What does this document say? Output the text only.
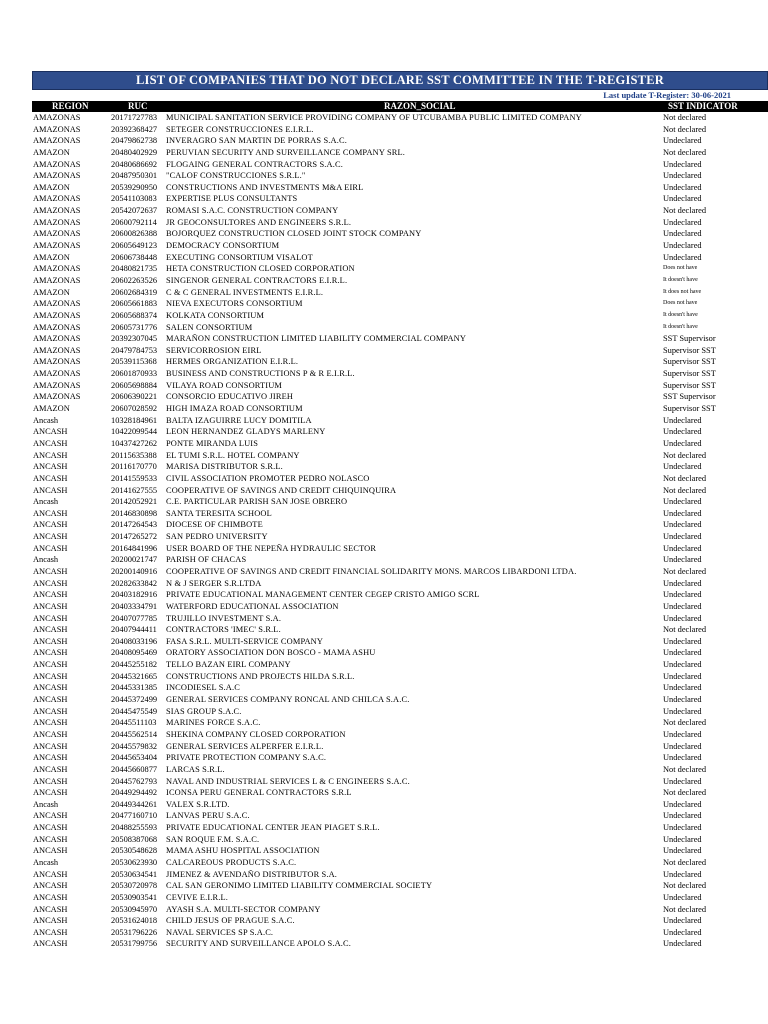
LIST OF COMPANIES THAT DO NOT DECLARE SST COMMITTEE IN THE T-REGISTER
Last update T-Register: 30-06-2021
REGION	RUC	RAZON_SOCIAL	SST INDICATOR
AMAZONAS	20171727783 MUNICIPAL SANITATION SERVICE PROVIDING COMPANY OF UTCUBAMBA PUBLIC LIMITED COMPANY	Not declared
AMAZONAS	20392368427 SETEGER CONSTRUCCIONES E.I.R.L.	Not declared
AMAZONAS	20479862738 INVERAGRO SAN MARTIN DE PORRAS S.A.C.	Undeclared
AMAZON	20480402929 PERUVIAN SECURITY AND SURVEILLANCE COMPANY SRL.	Not declared
AMAZONAS	20480686692 FLOGAING GENERAL CONTRACTORS S.A.C.	Undeclared
AMAZONAS	20487950301 "CALOF CONSTRUCCIONES S.R.L."	Undeclared
AMAZON	20539290950 CONSTRUCTIONS AND INVESTMENTS M&A EIRL	Undeclared
AMAZONAS	20541103083 EXPERTISE PLUS CONSULTANTS	Undeclared
AMAZONAS	20542072637 ROMASI S.A.C. CONSTRUCTION COMPANY	Not declared
AMAZONAS	20600792114 JR GEOCONSULTORES AND ENGINEERS S.R.L.	Undeclared
AMAZONAS	20600826388 BOJORQUEZ CONSTRUCTION CLOSED JOINT STOCK COMPANY	Undeclared
AMAZONAS	20605649123 DEMOCRACY CONSORTIUM	Undeclared
AMAZON	20606738448 EXECUTING CONSORTIUM VISALOT	Undeclared
AMAZONAS	20480821735 HETA CONSTRUCTION CLOSED CORPORATION	Does not have
AMAZONAS	20602263526 SINGENOR GENERAL CONTRACTORS E.I.R.L.	It doesn't have
AMAZON	20602684319 C & C GENERAL INVESTMENTS E.I.R.L.	It does not have
AMAZONAS	20605661883 NIEVA EXECUTORS CONSORTIUM	Does not have
AMAZONAS	20605688374 KOLKATA CONSORTIUM	It doesn't have
AMAZONAS	20605731776 SALEN CONSORTIUM	It doesn't have
AMAZONAS	20392307045 MARAÑON CONSTRUCTION LIMITED LIABILITY COMMERCIAL COMPANY	SST Supervisor
AMAZONAS	20479784753 SERVICORROSION EIRL	Supervisor SST
AMAZONAS	20539115368 HERMES ORGANIZATION E.I.R.L.	Supervisor SST
AMAZONAS	20601870933 BUSINESS AND CONSTRUCTIONS P & R E.I.R.L.	Supervisor SST
AMAZONAS	20605698884 VILAYA ROAD CONSORTIUM	Supervisor SST
AMAZONAS	20606390221 CONSORCIO EDUCATIVO JIREH	SST Supervisor
AMAZON	20607028592 HIGH IMAZA ROAD CONSORTIUM	Supervisor SST
Ancash	10328184961 BALTA IZAGUIRRE LUCY DOMITILA	Undeclared
ANCASH	10422099544 LEON HERNANDEZ GLADYS MARLENY	Undeclared
ANCASH	10437427262 PONTE MIRANDA LUIS	Undeclared
ANCASH	20115635388 EL TUMI S.R.L. HOTEL COMPANY	Not declared
ANCASH	20116170770 MARISA DISTRIBUTOR S.R.L.	Undeclared
ANCASH	20141559533 CIVIL ASSOCIATION PROMOTER PEDRO NOLASCO	Not declared
ANCASH	20141627555 COOPERATIVE OF SAVINGS AND CREDIT CHIQUINQUIRA	Not declared
Ancash	20142052921 C.E. PARTICULAR PARISH SAN JOSE OBRERO	Undeclared
ANCASH	20146830898 SANTA TERESITA SCHOOL	Undeclared
ANCASH	20147264543 DIOCESE OF CHIMBOTE	Undeclared
ANCASH	20147265272 SAN PEDRO UNIVERSITY	Undeclared
ANCASH	20164841996 USER BOARD OF THE NEPEÑA HYDRAULIC SECTOR	Undeclared
Ancash	20200021747 PARISH OF CHACAS	Undeclared
ANCASH	20200140916 COOPERATIVE OF SAVINGS AND CREDIT FINANCIAL SOLIDARITY MONS. MARCOS LIBARDONI LTDA.	Not declared
ANCASH	20282633842 N & J SERGER S.R.LTDA	Undeclared
ANCASH	20403182916 PRIVATE EDUCATIONAL MANAGEMENT CENTER CEGEP CRISTO AMIGO SCRL	Undeclared
ANCASH	20403334791 WATERFORD EDUCATIONAL ASSOCIATION	Undeclared
ANCASH	20407077785 TRUJILLO INVESTMENT S.A.	Undeclared
ANCASH	20407944411 CONTRACTORS 'IMEC' S.R.L.	Not declared
ANCASH	20408033196 FASA S.R.L. MULTI-SERVICE COMPANY	Undeclared
ANCASH	20408095469 ORATORY ASSOCIATION DON BOSCO - MAMA ASHU	Undeclared
ANCASH	20445255182 TELLO BAZAN EIRL COMPANY	Undeclared
ANCASH	20445321665 CONSTRUCTIONS AND PROJECTS HILDA S.R.L.	Undeclared
ANCASH	20445331385 INCODIESEL S.A.C	Undeclared
ANCASH	20445372499 GENERAL SERVICES COMPANY RONCAL AND CHILCA S.A.C.	Undeclared
ANCASH	20445475549 SIAS GROUP S.A.C.	Undeclared
ANCASH	20445511103 MARINES FORCE S.A.C.	Not declared
ANCASH	20445562514 SHEKINA COMPANY CLOSED CORPORATION	Undeclared
ANCASH	20445579832 GENERAL SERVICES ALPERFER E.I.R.L.	Undeclared
ANCASH	20445653404 PRIVATE PROTECTION COMPANY S.A.C.	Undeclared
ANCASH	20445660877 LARCAS S.R.L.	Not declared
ANCASH	20445762793 NAVAL AND INDUSTRIAL SERVICES L & C ENGINEERS S.A.C.	Undeclared
ANCASH	20449294492 ICONSA PERU GENERAL CONTRACTORS S.R.L	Not declared
Ancash	20449344261 VALEX S.R.LTD.	Undeclared
ANCASH	20477160710 LANVAS PERU S.A.C.	Undeclared
ANCASH	20488255593 PRIVATE EDUCATIONAL CENTER JEAN PIAGET S.R.L.	Undeclared
ANCASH	20508387068 SAN ROQUE F.M. S.A.C.	Undeclared
ANCASH	20530548628 MAMA ASHU HOSPITAL ASSOCIATION	Undeclared
Ancash	20530623930 CALCAREOUS PRODUCTS S.A.C.	Not declared
ANCASH	20530634541 JIMENEZ & AVENDAÑO DISTRIBUTOR S.A.	Undeclared
ANCASH	20530720978 CAL SAN GERONIMO LIMITED LIABILITY COMMERCIAL SOCIETY	Not declared
ANCASH	20530903541 CEVIVE E.I.R.L.	Undeclared
ANCASH	20530945970 AYASH S.A. MULTI-SECTOR COMPANY	Not declared
ANCASH	20531624018 CHILD JESUS OF PRAGUE S.A.C.	Undeclared
ANCASH	20531796226 NAVAL SERVICES SP S.A.C.	Undeclared
ANCASH	20531799756 SECURITY AND SURVEILLANCE APOLO S.A.C.	Undeclared
